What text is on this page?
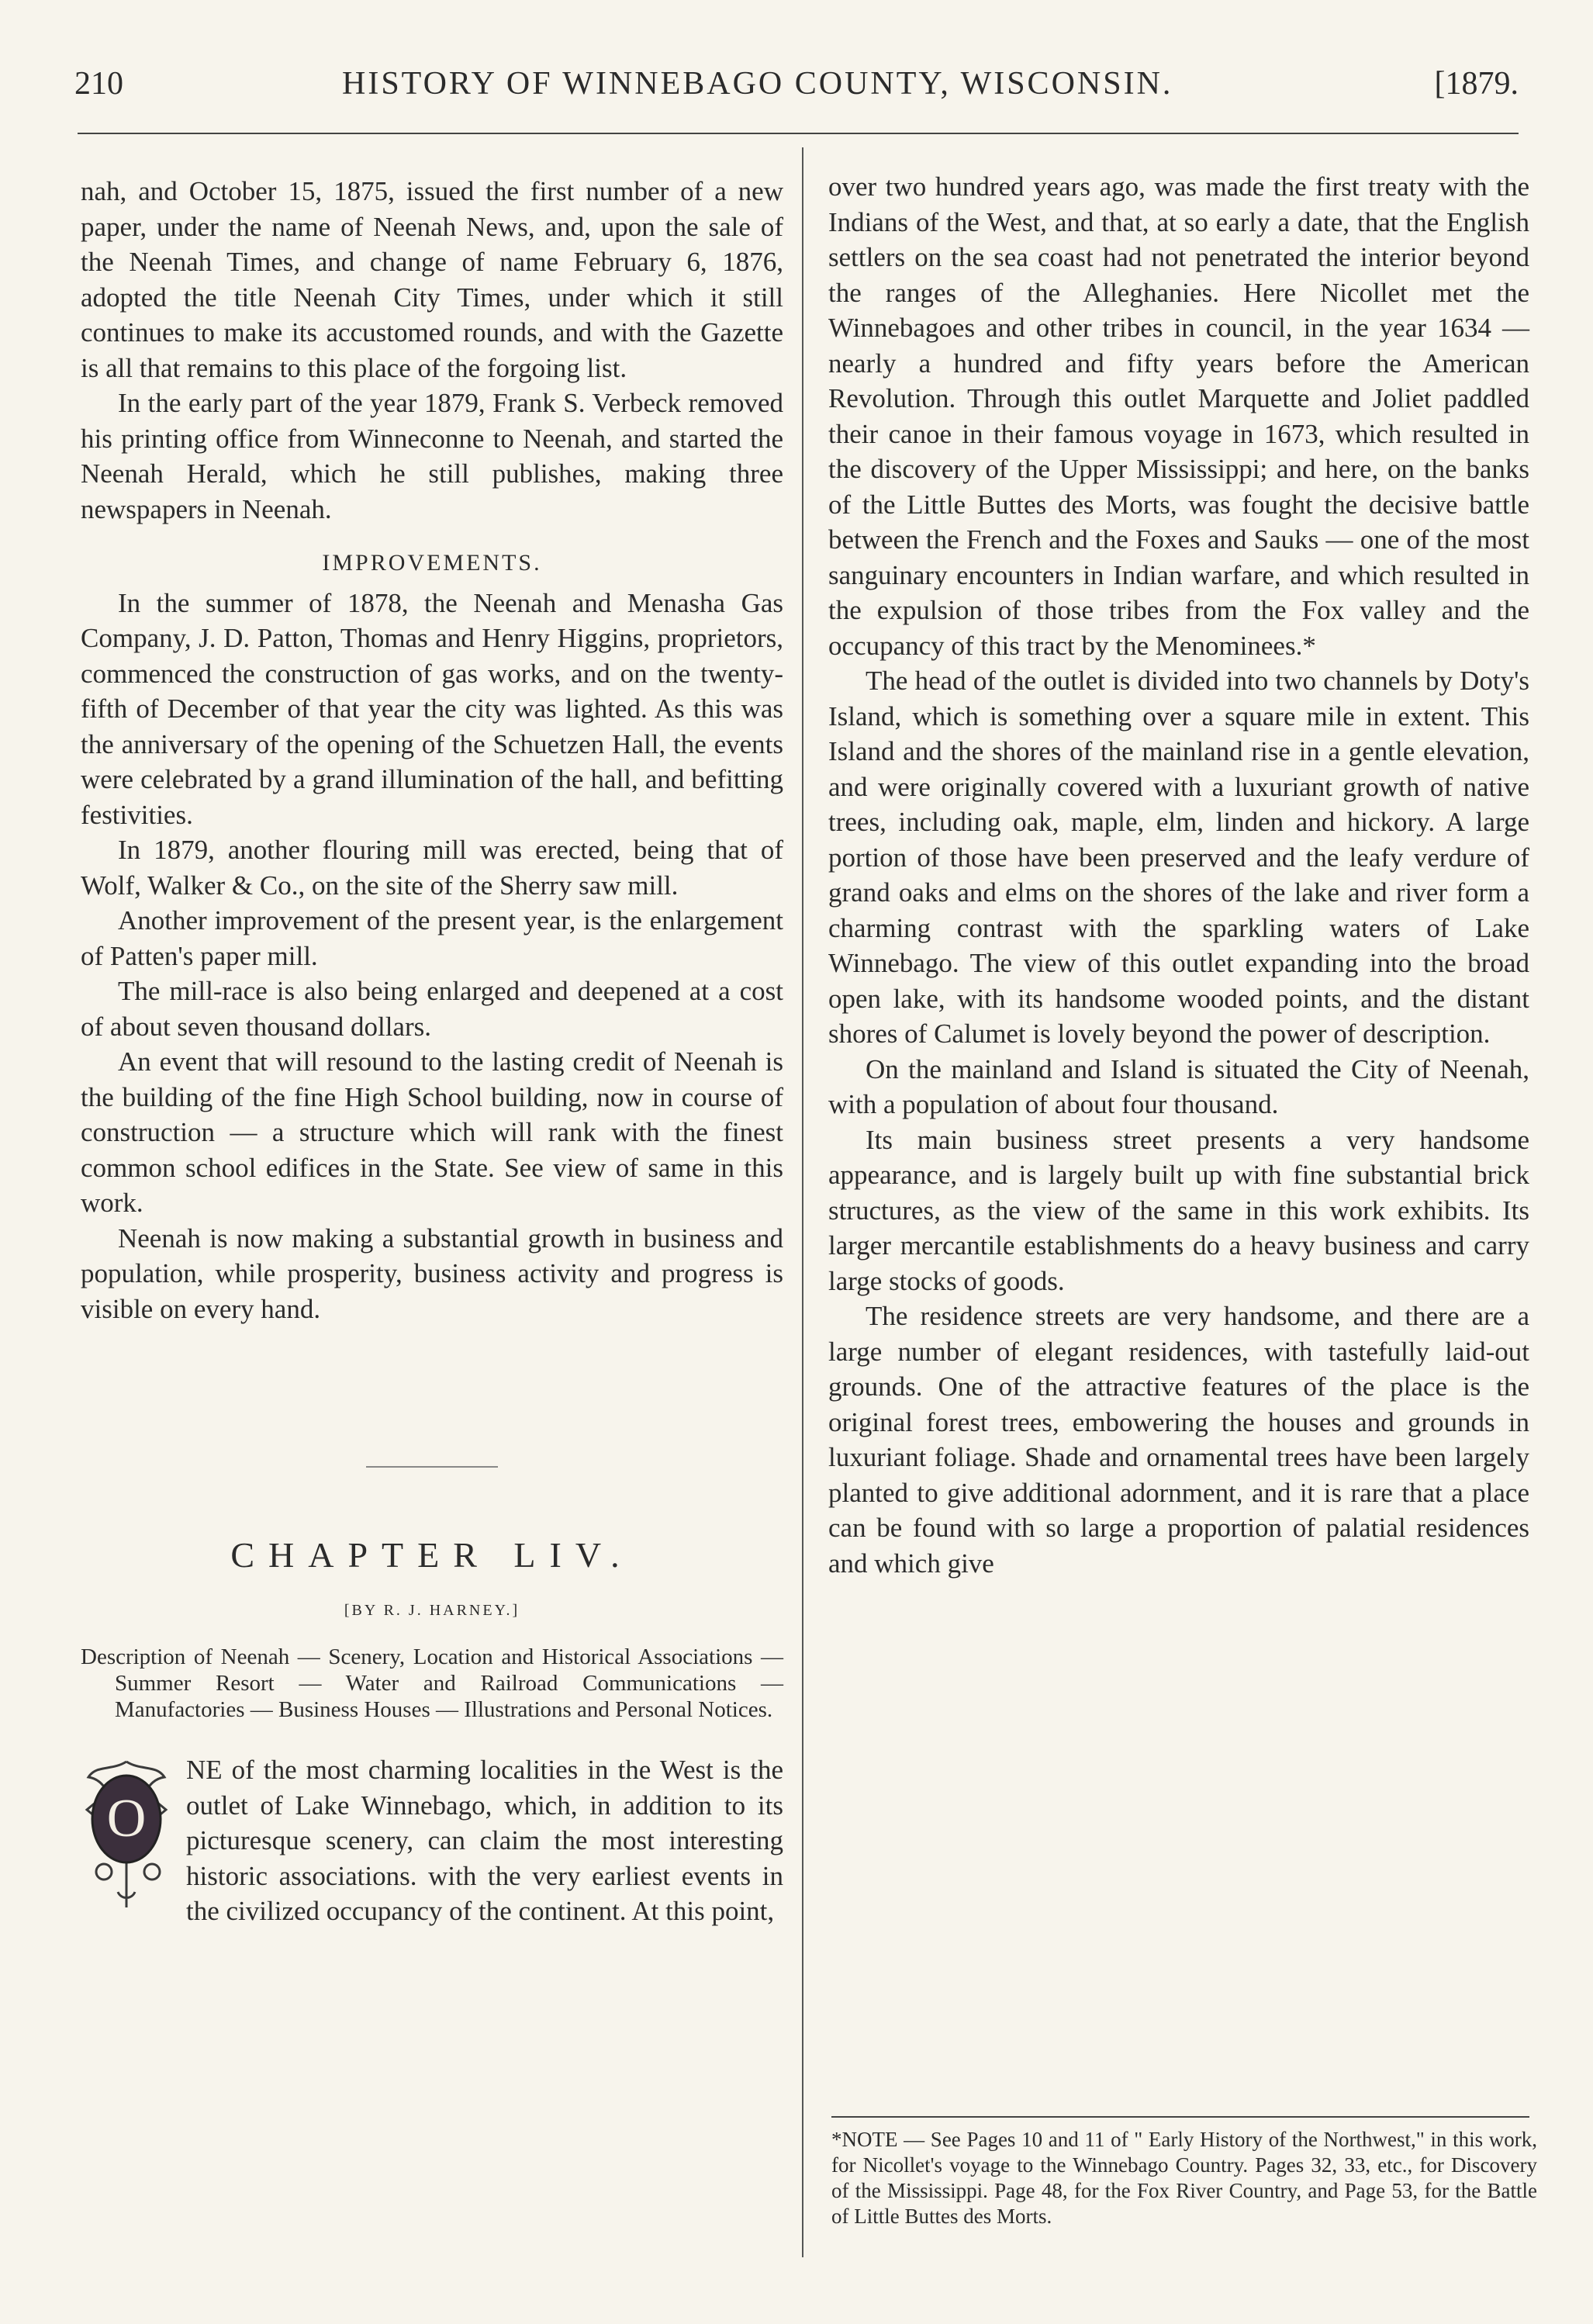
210	HISTORY OF WINNEBAGO COUNTY, WISCONSIN.	[1879.

nah, and October 15, 1875, issued the first number of a new paper, under the name of Neenah News, and, upon the sale of the Neenah Times, and change of name February 6, 1876, adopted the title Neenah City Times, under which it still continues to make its accustomed rounds, and with the Gazette is all that remains to this place of the forgoing list.

In the early part of the year 1879, Frank S. Verbeck removed his printing office from Winneconne to Neenah, and started the Neenah Herald, which he still publishes, making three newspapers in Neenah.

IMPROVEMENTS.

In the summer of 1878, the Neenah and Menasha Gas Company, J. D. Patton, Thomas and Henry Higgins, proprietors, commenced the construction of gas works, and on the twenty-fifth of December of that year the city was lighted. As this was the anniversary of the opening of the Schuetzen Hall, the events were celebrated by a grand illumination of the hall, and befitting festivities.

In 1879, another flouring mill was erected, being that of Wolf, Walker & Co., on the site of the Sherry saw mill.

Another improvement of the present year, is the enlargement of Patten's paper mill.

The mill-race is also being enlarged and deepened at a cost of about seven thousand dollars.

An event that will resound to the lasting credit of Neenah is the building of the fine High School building, now in course of construction — a structure which will rank with the finest common school edifices in the State. See view of same in this work.

Neenah is now making a substantial growth in business and population, while prosperity, business activity and progress is visible on every hand.

CHAPTER LIV.
[BY R. J. HARNEY.]
Description of Neenah — Scenery, Location and Historical Associations — Summer Resort — Water and Railroad Communications — Manufactories — Business Houses — Illustrations and Personal Notices.
O

NE of the most charming localities in the West is the outlet of Lake Winnebago, which, in addition to its picturesque scenery, can claim the most interesting historic associations. with the very earliest events in the civilized occupancy of the continent. At this point,

over two hundred years ago, was made the first treaty with the Indians of the West, and that, at so early a date, that the English settlers on the sea coast had not penetrated the interior beyond the ranges of the Alleghanies. Here Nicollet met the Winnebagoes and other tribes in council, in the year 1634 — nearly a hundred and fifty years before the American Revolution. Through this outlet Marquette and Joliet paddled their canoe in their famous voyage in 1673, which resulted in the discovery of the Upper Mississippi; and here, on the banks of the Little Buttes des Morts, was fought the decisive battle between the French and the Foxes and Sauks — one of the most sanguinary encounters in Indian warfare, and which resulted in the expulsion of those tribes from the Fox valley and the occupancy of this tract by the Menominees.*

The head of the outlet is divided into two channels by Doty's Island, which is something over a square mile in extent. This Island and the shores of the mainland rise in a gentle elevation, and were originally covered with a luxuriant growth of native trees, including oak, maple, elm, linden and hickory. A large portion of those have been preserved and the leafy verdure of grand oaks and elms on the shores of the lake and river form a charming contrast with the sparkling waters of Lake Winnebago. The view of this outlet expanding into the broad open lake, with its handsome wooded points, and the distant shores of Calumet is lovely beyond the power of description.

On the mainland and Island is situated the City of Neenah, with a population of about four thousand.

Its main business street presents a very handsome appearance, and is largely built up with fine substantial brick structures, as the view of the same in this work exhibits. Its larger mercantile establishments do a heavy business and carry large stocks of goods.

The residence streets are very handsome, and there are a large number of elegant residences, with tastefully laid-out grounds. One of the attractive features of the place is the original forest trees, embowering the houses and grounds in luxuriant foliage. Shade and ornamental trees have been largely planted to give additional adornment, and it is rare that a place can be found with so large a proportion of palatial residences and which give

*NOTE — See Pages 10 and 11 of " Early History of the Northwest," in this work, for Nicollet's voyage to the Winnebago Country. Pages 32, 33, etc., for Discovery of the Mississippi. Page 48, for the Fox River Country, and Page 53, for the Battle of Little Buttes des Morts.
